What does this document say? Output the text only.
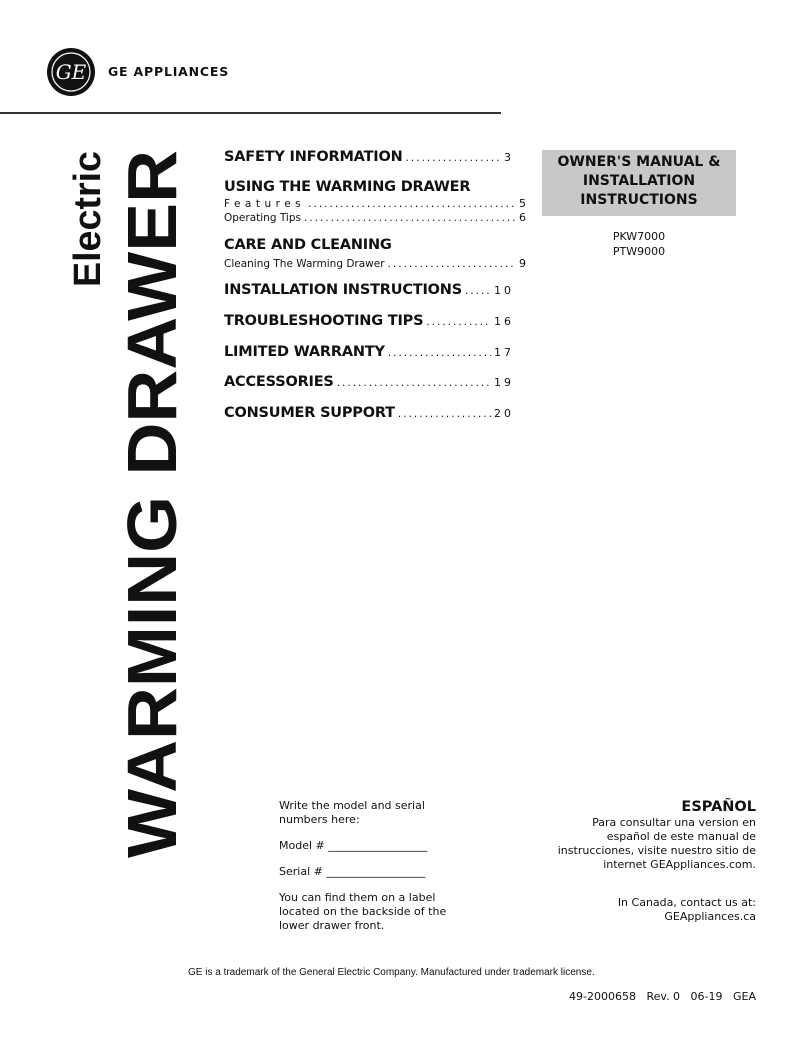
GE GE APPLIANCES
Electric WARMING DRAWER
SAFETY INFORMATION .....	3
USING THE WARMING DRAWER
Features .....	5
Operating Tips .....	6
CARE AND CLEANING
Cleaning The Warming Drawer .....	9
INSTALLATION INSTRUCTIONS .....	10
TROUBLESHOOTING TIPS .....	16
LIMITED WARRANTY .....	17
ACCESSORIES .....	19
CONSUMER SUPPORT .....	20
OWNER'S MANUAL &
INSTALLATION
INSTRUCTIONS
PKW7000
PTW9000
Write the model and serial
numbers here:
Model # __________________
Serial # __________________
You can find them on a label
located on the backside of the
lower drawer front.
ESPAÑOL
Para consultar una version en
español de este manual de
instrucciones, visite nuestro sitio de
internet GEAppliances.com.
In Canada, contact us at:
GEAppliances.ca
GE is a trademark of the General Electric Company. Manufactured under trademark license.
49-2000658   Rev. 0   06-19   GEA
